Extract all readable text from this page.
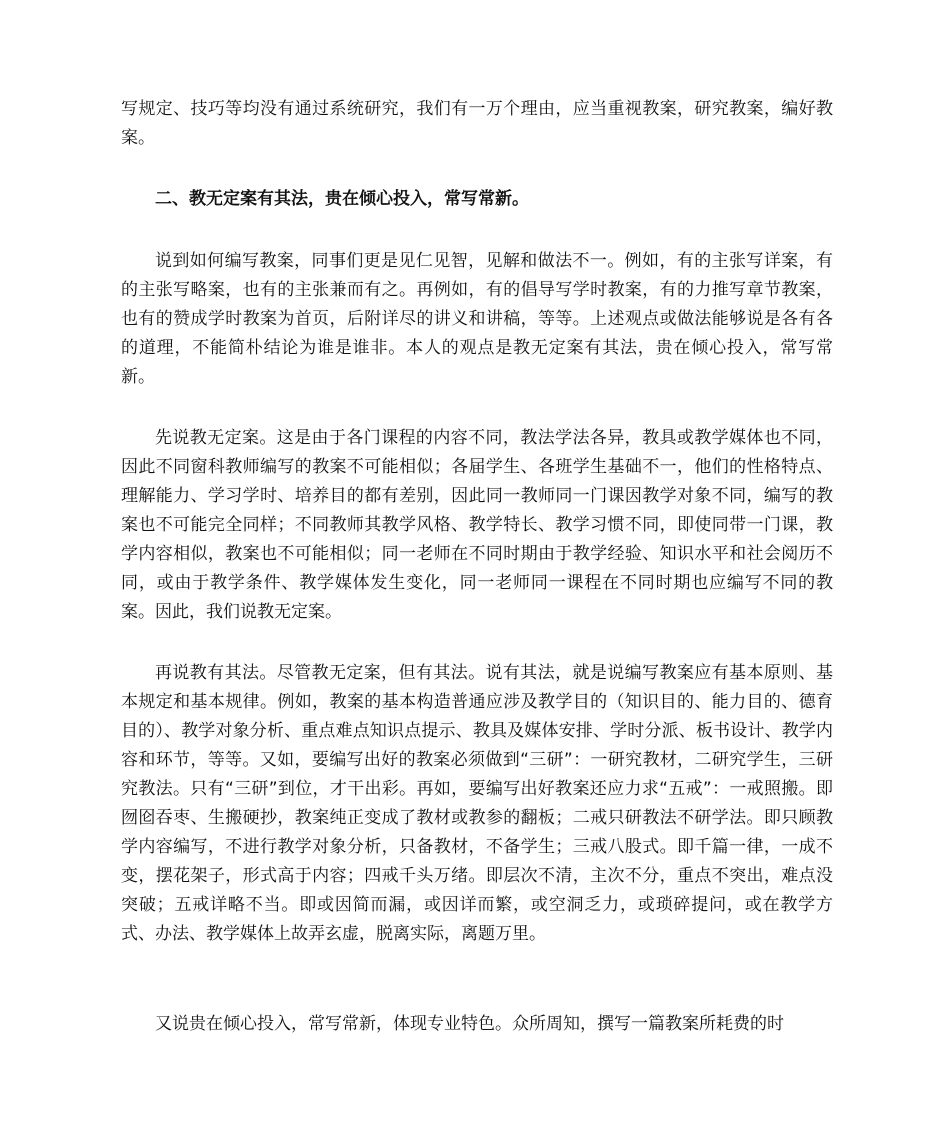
写规定、技巧等均没有通过系统研究，我们有一万个理由，应当重视教案，研究教案，编好教案。

二、教无定案有其法，贵在倾心投入，常写常新。

说到如何编写教案，同事们更是见仁见智，见解和做法不一。例如，有的主张写详案，有的主张写略案，也有的主张兼而有之。再例如，有的倡导写学时教案，有的力推写章节教案，也有的赞成学时教案为首页，后附详尽的讲义和讲稿，等等。上述观点或做法能够说是各有各的道理，不能简朴结论为谁是谁非。本人的观点是教无定案有其法，贵在倾心投入，常写常新。

先说教无定案。这是由于各门课程的内容不同，教法学法各异，教具或教学媒体也不同，因此不同窗科教师编写的教案不可能相似；各届学生、各班学生基础不一，他们的性格特点、理解能力、学习学时、培养目的都有差别，因此同一教师同一门课因教学对象不同，编写的教案也不可能完全同样；不同教师其教学风格、教学特长、教学习惯不同，即使同带一门课，教学内容相似，教案也不可能相似；同一老师在不同时期由于教学经验、知识水平和社会阅历不同，或由于教学条件、教学媒体发生变化，同一老师同一课程在不同时期也应编写不同的教案。因此，我们说教无定案。

再说教有其法。尽管教无定案，但有其法。说有其法，就是说编写教案应有基本原则、基本规定和基本规律。例如，教案的基本构造普通应涉及教学目的（知识目的、能力目的、德育目的）、教学对象分析、重点难点知识点提示、教具及媒体安排、学时分派、板书设计、教学内容和环节，等等。又如，要编写出好的教案必须做到“三研”：一研究教材，二研究学生，三研究教法。只有“三研”到位，才干出彩。再如，要编写出好教案还应力求“五戒”：一戒照搬。即囫囵吞枣、生搬硬抄，教案纯正变成了教材或教参的翻板；二戒只研教法不研学法。即只顾教学内容编写，不进行教学对象分析，只备教材，不备学生；三戒八股式。即千篇一律，一成不变，摆花架子，形式高于内容；四戒千头万绪。即层次不清，主次不分，重点不突出，难点没突破；五戒详略不当。即或因简而漏，或因详而繁，或空洞乏力，或琐碎提问，或在教学方式、办法、教学媒体上故弄玄虚，脱离实际，离题万里。

又说贵在倾心投入，常写常新，体现专业特色。众所周知，撰写一篇教案所耗费的时
